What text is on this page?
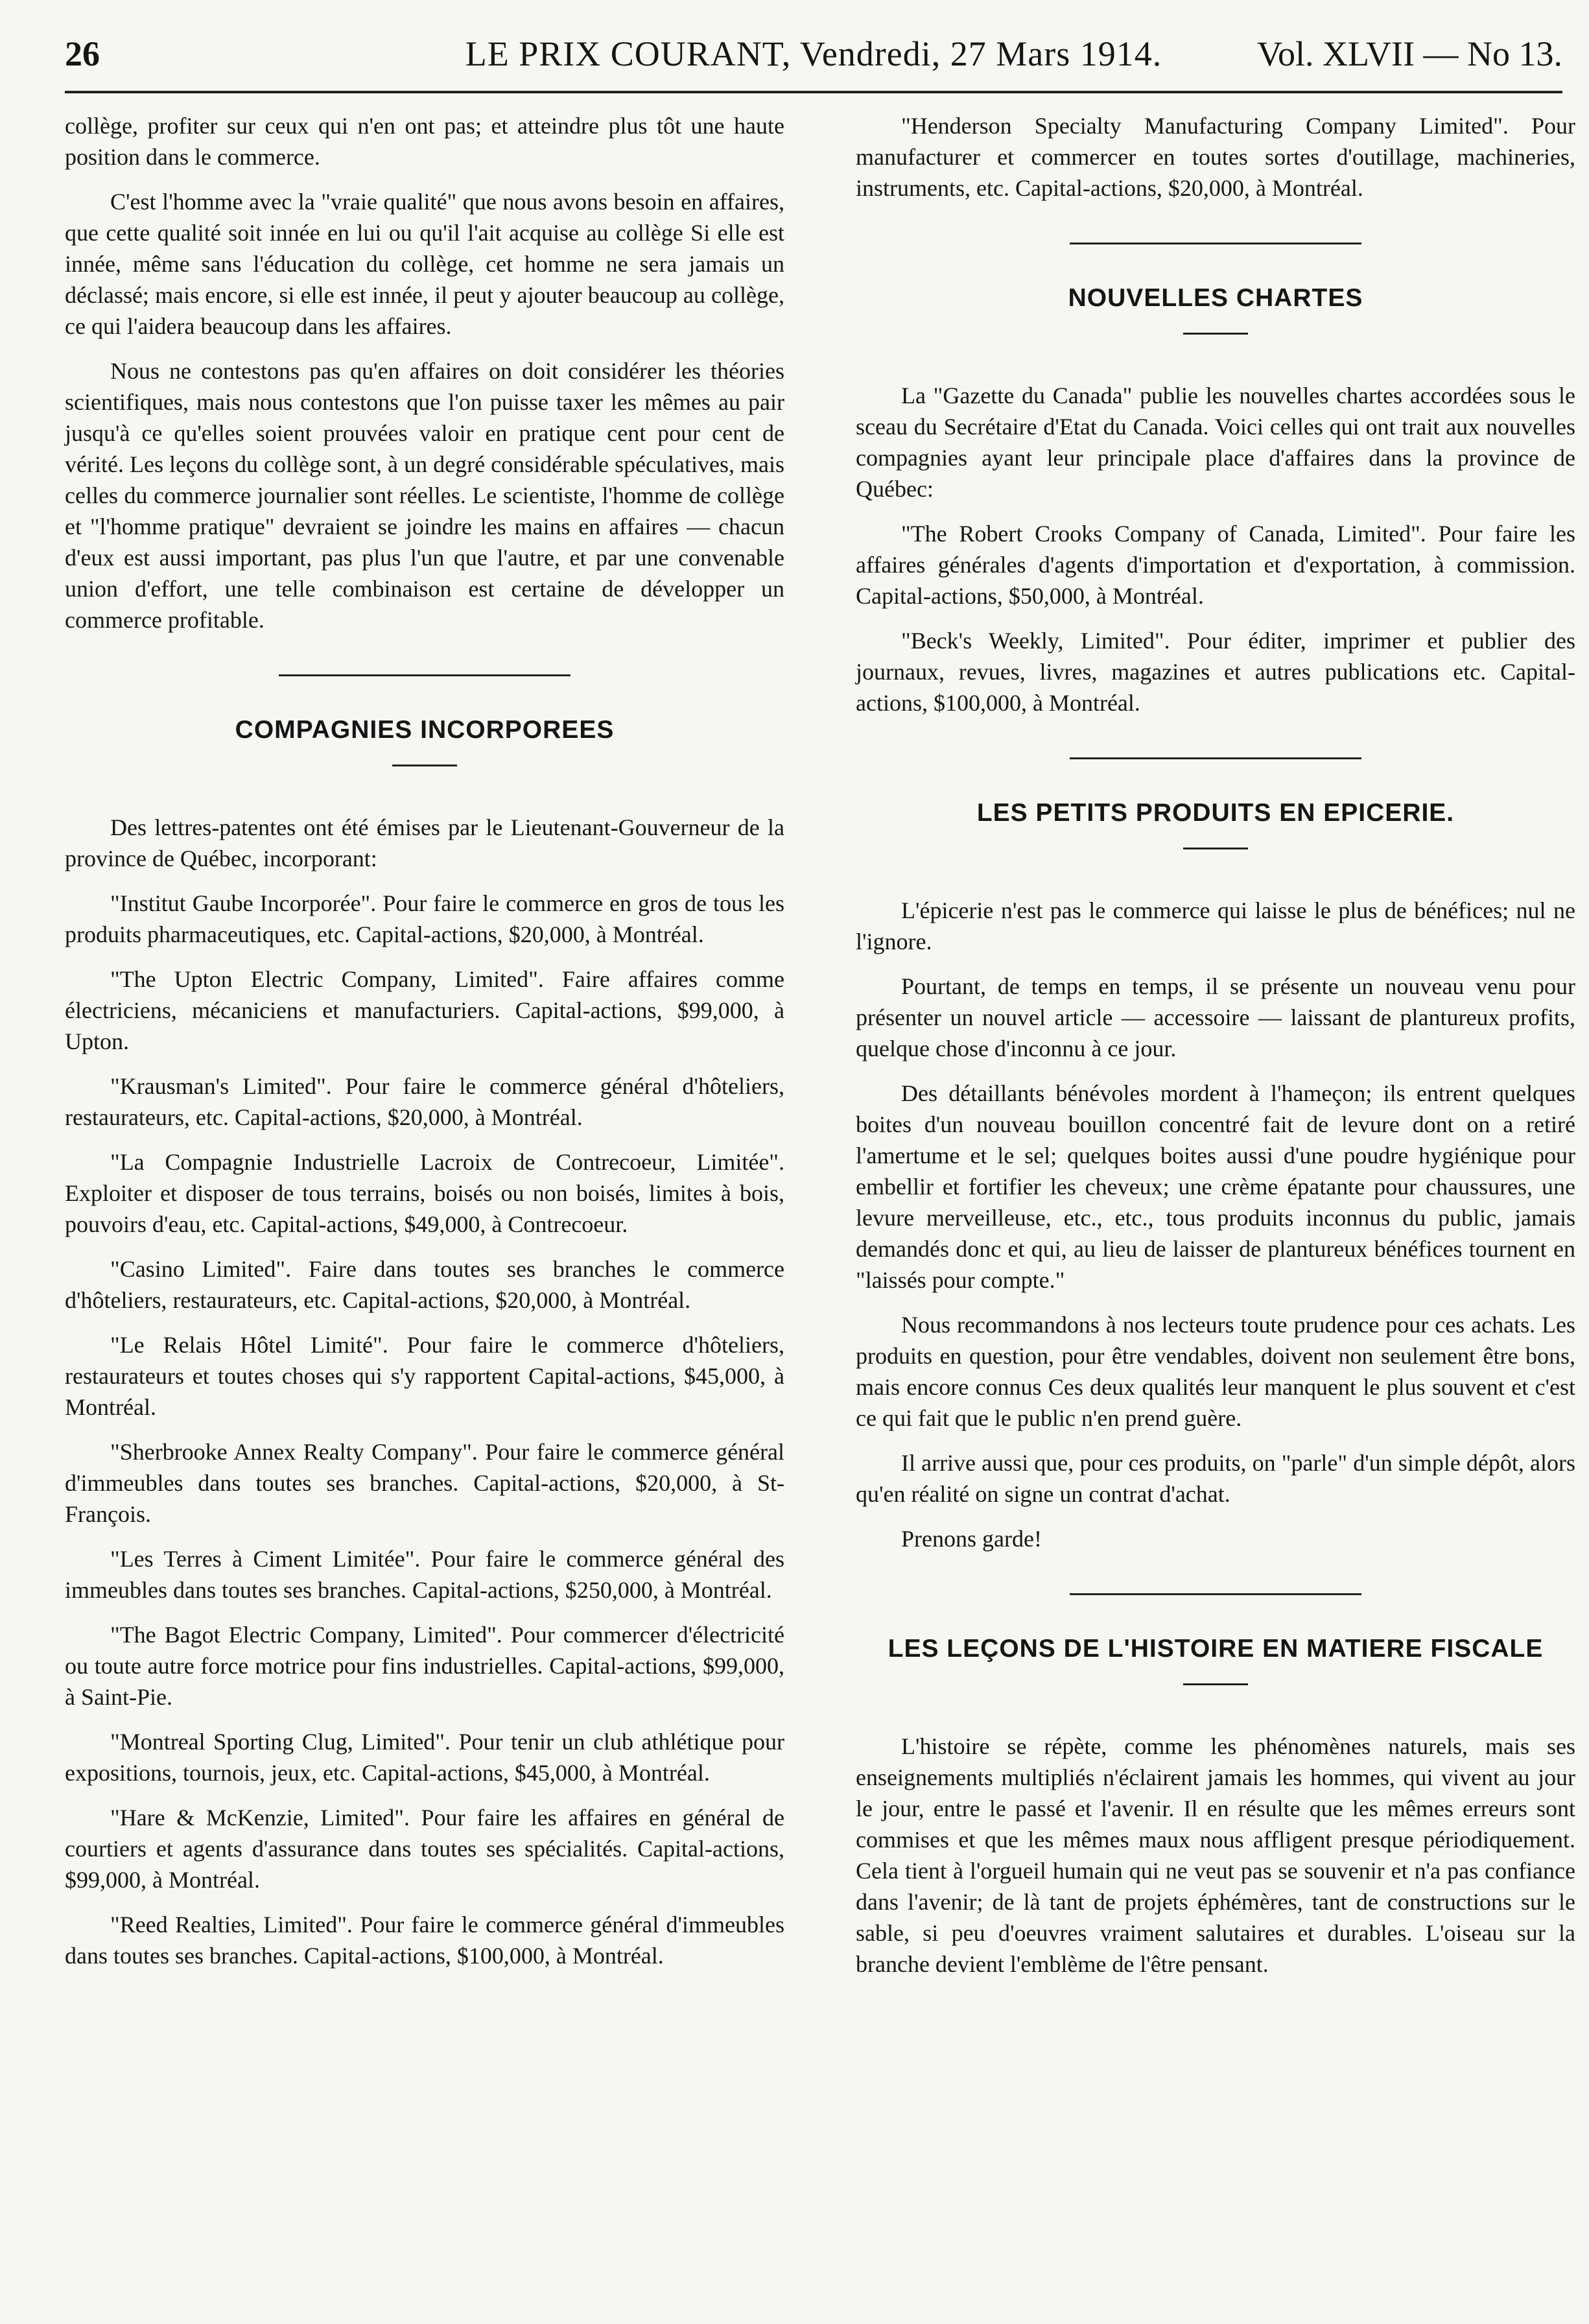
26	LE PRIX COURANT, Vendredi, 27 Mars 1914.	Vol. XLVII — No 13.

collège, profiter sur ceux qui n'en ont pas; et atteindre plus tôt une haute position dans le commerce.

C'est l'homme avec la "vraie qualité" que nous avons besoin en affaires, que cette qualité soit innée en lui ou qu'il l'ait acquise au collège Si elle est innée, même sans l'éducation du collège, cet homme ne sera jamais un déclassé; mais encore, si elle est innée, il peut y ajouter beaucoup au collège, ce qui l'aidera beaucoup dans les affaires.

Nous ne contestons pas qu'en affaires on doit considérer les théories scientifiques, mais nous contestons que l'on puisse taxer les mêmes au pair jusqu'à ce qu'elles soient prouvées valoir en pratique cent pour cent de vérité. Les leçons du collège sont, à un degré considérable spéculatives, mais celles du commerce journalier sont réelles. Le scientiste, l'homme de collège et "l'homme pratique" devraient se joindre les mains en affaires — chacun d'eux est aussi important, pas plus l'un que l'autre, et par une convenable union d'effort, une telle combinaison est certaine de développer un commerce profitable.

COMPAGNIES INCORPOREES

Des lettres-patentes ont été émises par le Lieutenant-Gouverneur de la province de Québec, incorporant:

"Institut Gaube Incorporée". Pour faire le commerce en gros de tous les produits pharmaceutiques, etc. Capital-actions, $20,000, à Montréal.

"The Upton Electric Company, Limited". Faire affaires comme électriciens, mécaniciens et manufacturiers. Capital-actions, $99,000, à Upton.

"Krausman's Limited". Pour faire le commerce général d'hôteliers, restaurateurs, etc. Capital-actions, $20,000, à Montréal.

"La Compagnie Industrielle Lacroix de Contrecoeur, Limitée". Exploiter et disposer de tous terrains, boisés ou non boisés, limites à bois, pouvoirs d'eau, etc. Capital-actions, $49,000, à Contrecoeur.

"Casino Limited". Faire dans toutes ses branches le commerce d'hôteliers, restaurateurs, etc. Capital-actions, $20,000, à Montréal.

"Le Relais Hôtel Limité". Pour faire le commerce d'hôteliers, restaurateurs et toutes choses qui s'y rapportent Capital-actions, $45,000, à Montréal.

"Sherbrooke Annex Realty Company". Pour faire le commerce général d'immeubles dans toutes ses branches. Capital-actions, $20,000, à St-François.

"Les Terres à Ciment Limitée". Pour faire le commerce général des immeubles dans toutes ses branches. Capital-actions, $250,000, à Montréal.

"The Bagot Electric Company, Limited". Pour commercer d'électricité ou toute autre force motrice pour fins industrielles. Capital-actions, $99,000, à Saint-Pie.

"Montreal Sporting Clug, Limited". Pour tenir un club athlétique pour expositions, tournois, jeux, etc. Capital-actions, $45,000, à Montréal.

"Hare & McKenzie, Limited". Pour faire les affaires en général de courtiers et agents d'assurance dans toutes ses spécialités. Capital-actions, $99,000, à Montréal.

"Reed Realties, Limited". Pour faire le commerce général d'immeubles dans toutes ses branches. Capital-actions, $100,000, à Montréal.

"Henderson Specialty Manufacturing Company Limited". Pour manufacturer et commercer en toutes sortes d'outillage, machineries, instruments, etc. Capital-actions, $20,000, à Montréal.

NOUVELLES CHARTES

La "Gazette du Canada" publie les nouvelles chartes accordées sous le sceau du Secrétaire d'Etat du Canada. Voici celles qui ont trait aux nouvelles compagnies ayant leur principale place d'affaires dans la province de Québec:

"The Robert Crooks Company of Canada, Limited". Pour faire les affaires générales d'agents d'importation et d'exportation, à commission. Capital-actions, $50,000, à Montréal.

"Beck's Weekly, Limited". Pour éditer, imprimer et publier des journaux, revues, livres, magazines et autres publications etc. Capital-actions, $100,000, à Montréal.

LES PETITS PRODUITS EN EPICERIE.

L'épicerie n'est pas le commerce qui laisse le plus de bénéfices; nul ne l'ignore.

Pourtant, de temps en temps, il se présente un nouveau venu pour présenter un nouvel article — accessoire — laissant de plantureux profits, quelque chose d'inconnu à ce jour.

Des détaillants bénévoles mordent à l'hameçon; ils entrent quelques boites d'un nouveau bouillon concentré fait de levure dont on a retiré l'amertume et le sel; quelques boites aussi d'une poudre hygiénique pour embellir et fortifier les cheveux; une crème épatante pour chaussures, une levure merveilleuse, etc., etc., tous produits inconnus du public, jamais demandés donc et qui, au lieu de laisser de plantureux bénéfices tournent en "laissés pour compte."

Nous recommandons à nos lecteurs toute prudence pour ces achats. Les produits en question, pour être vendables, doivent non seulement être bons, mais encore connus Ces deux qualités leur manquent le plus souvent et c'est ce qui fait que le public n'en prend guère.

Il arrive aussi que, pour ces produits, on "parle" d'un simple dépôt, alors qu'en réalité on signe un contrat d'achat.

Prenons garde!

LES LEÇONS DE L'HISTOIRE EN MATIERE FISCALE

L'histoire se répète, comme les phénomènes naturels, mais ses enseignements multipliés n'éclairent jamais les hommes, qui vivent au jour le jour, entre le passé et l'avenir. Il en résulte que les mêmes erreurs sont commises et que les mêmes maux nous affligent presque périodiquement. Cela tient à l'orgueil humain qui ne veut pas se souvenir et n'a pas confiance dans l'avenir; de là tant de projets éphémères, tant de constructions sur le sable, si peu d'oeuvres vraiment salutaires et durables. L'oiseau sur la branche devient l'emblème de l'être pensant.
